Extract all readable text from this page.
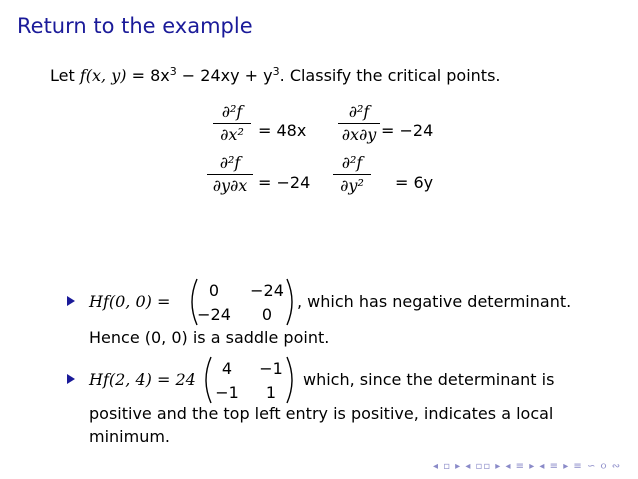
Return to the example
Let f(x, $y) = 8x^3 - 24xy + y^3$. Classify the critical points.
∂²f
∂x² = 48x
∂²f
∂x∂y = −24
∂²f
∂y∂x = −24
∂²f
∂y²	= 6y
Hf(0, 0) =
0	−24
−24	0
, which has negative determinant.
Hence (0, 0) is a saddle point.
Hf(2, 4) = 24
4	−1
−1	1
which, since the determinant is
positive and the top left entry is positive, indicates a local
minimum.
◂ ▫ ▸ ◂ ▫▫ ▸ ◂ ≡ ▸ ◂ ≡ ▸ ≡ ∽ ૦ ∾
